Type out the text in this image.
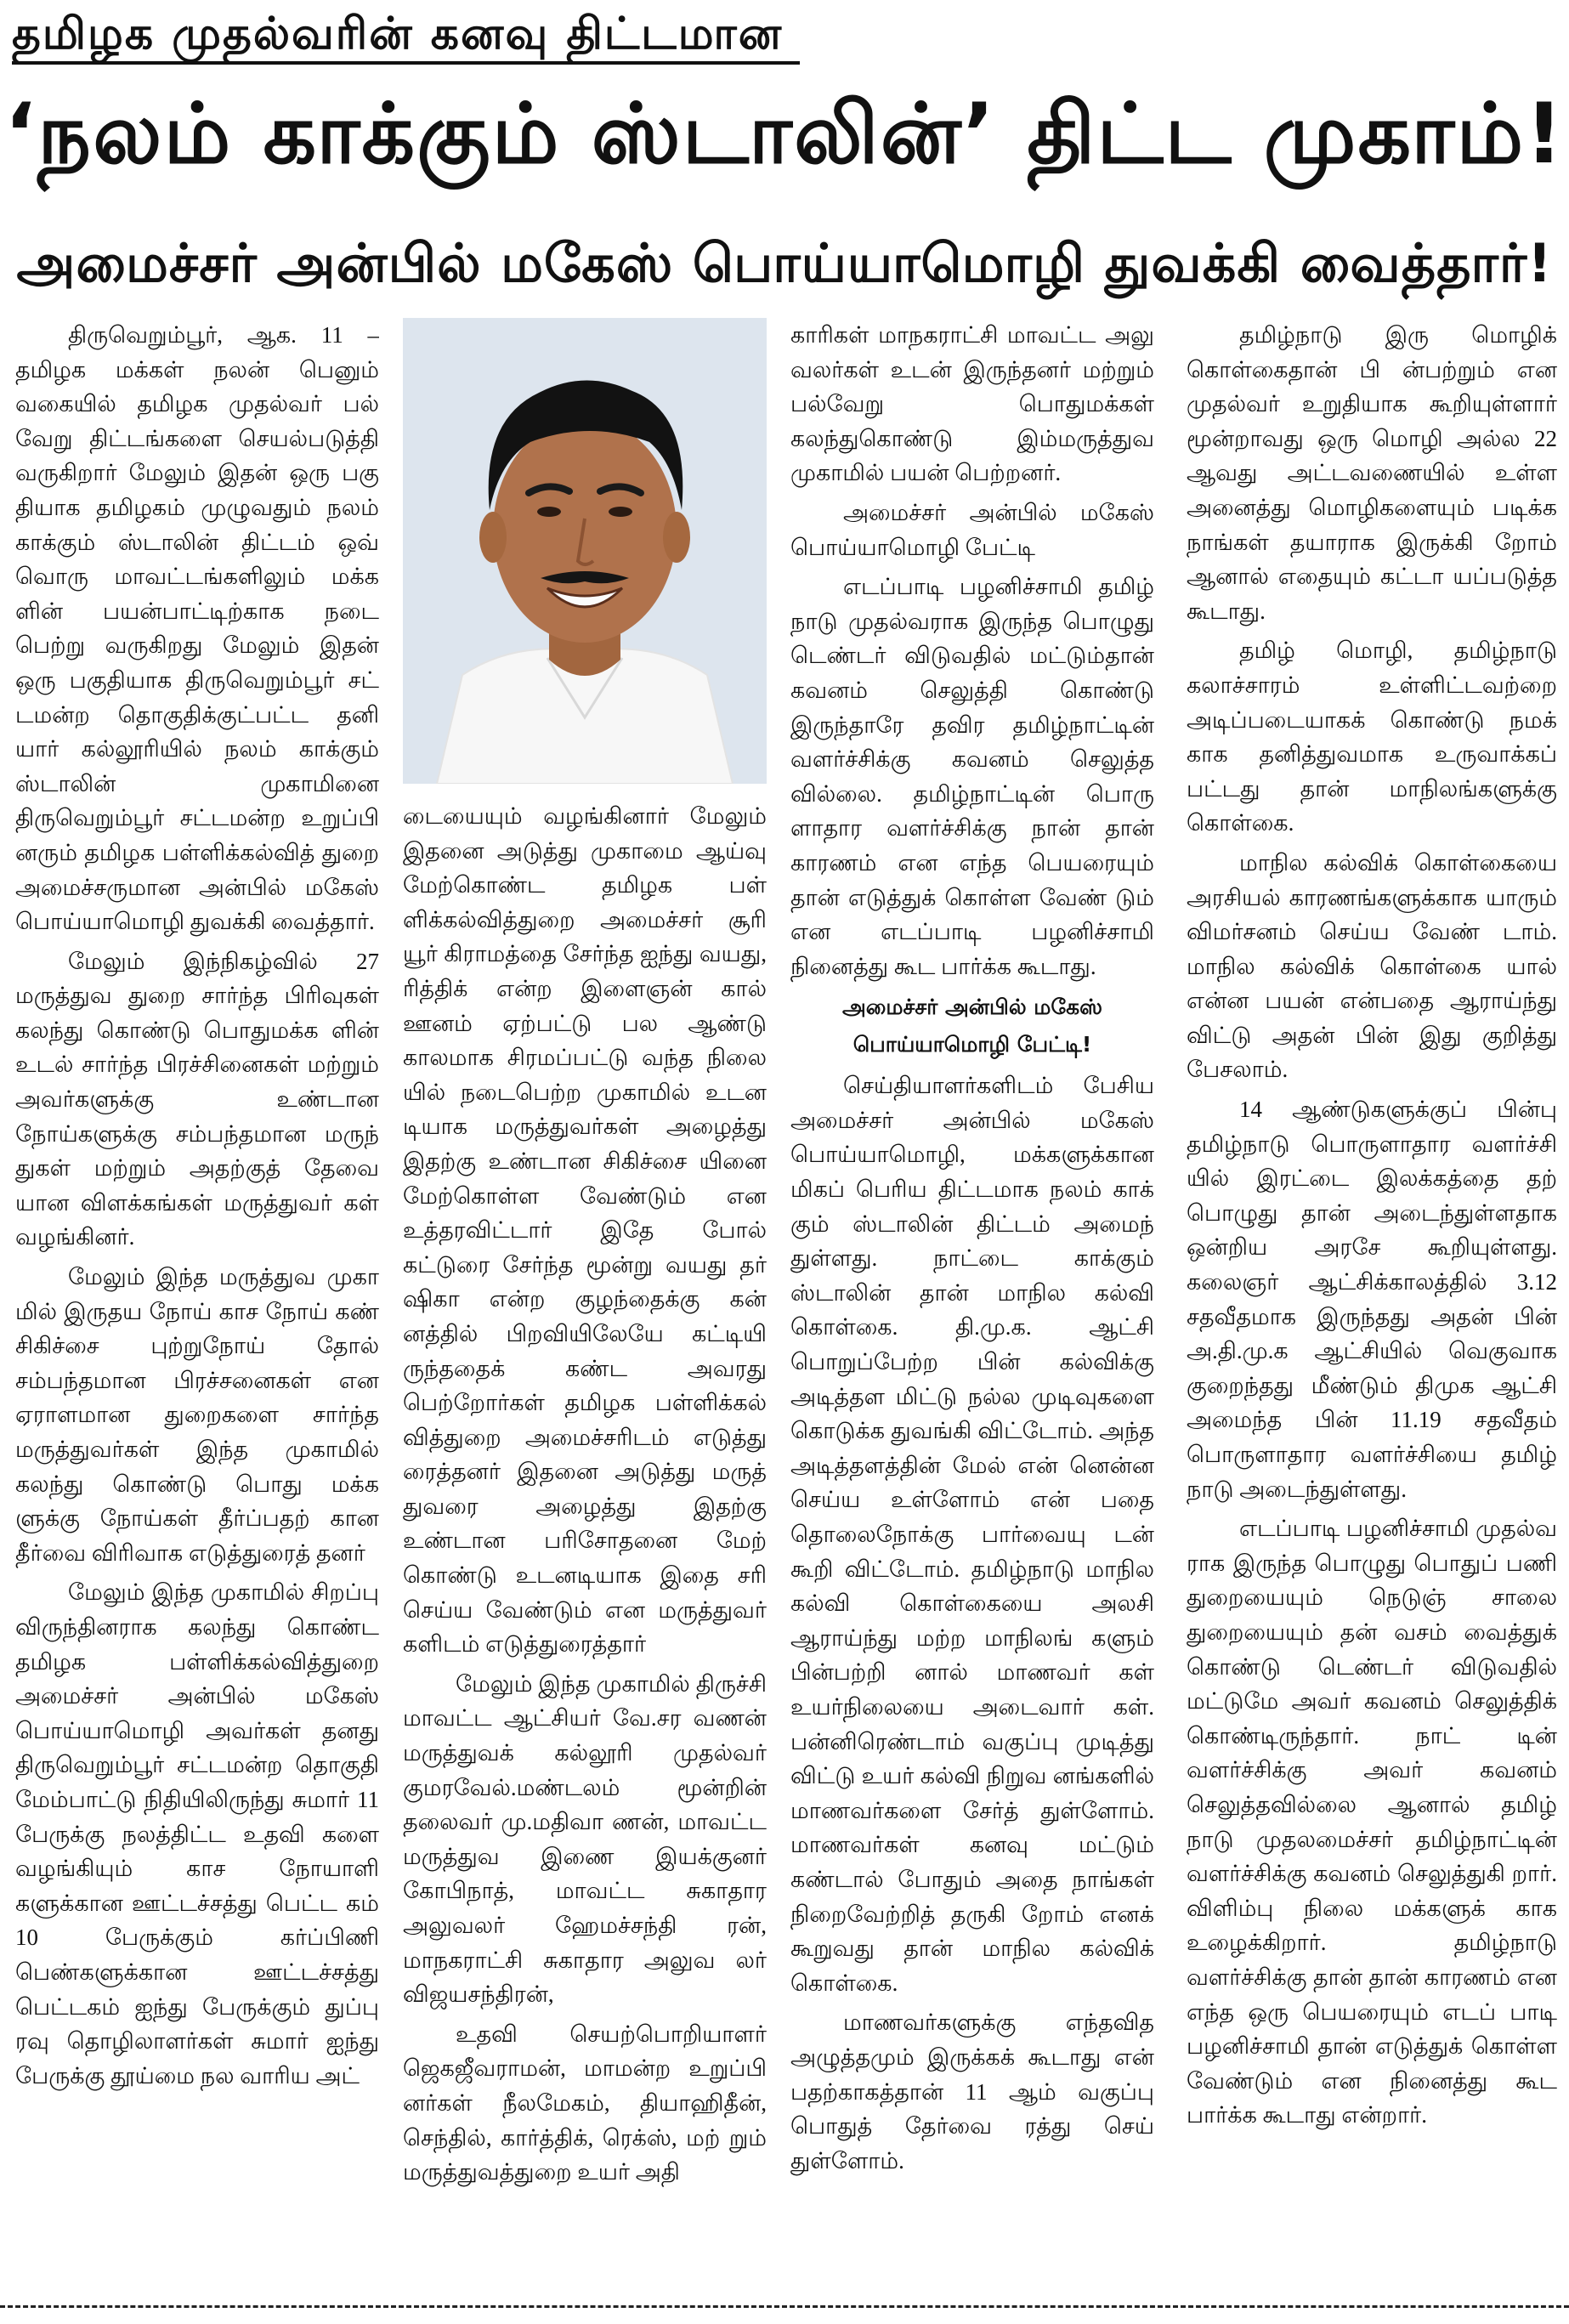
தமிழக முதல்வரின் கனவு திட்டமான
‘நலம் காக்கும் ஸ்டாலின்’ திட்ட முகாம்!
அமைச்சர் அன்பில் மகேஸ் பொய்யாமொழி துவக்கி வைத்தார்!

திருவெறும்பூர், ஆக. 11 – தமிழக மக்கள் நலன் பெனும் வகையில் தமிழக முதல்வர் பல் வேறு திட்டங்களை செயல்படுத்தி வருகிறார் மேலும் இதன் ஒரு பகு தியாக தமிழகம் முழுவதும் நலம் காக்கும் ஸ்டாலின் திட்டம் ஒவ் வொரு மாவட்டங்களிலும் மக்க ளின் பயன்பாட்டிற்காக நடை பெற்று வருகிறது மேலும் இதன் ஒரு பகுதியாக திருவெறும்பூர் சட் டமன்ற தொகுதிக்குட்பட்ட தனி யார் கல்லூரியில் நலம் காக்கும் ஸ்டாலின் முகாமினை திருவெறும்பூர் சட்டமன்ற உறுப்பி னரும் தமிழக பள்ளிக்கல்வித் துறை அமைச்சருமான அன்பில் மகேஸ் பொய்யாமொழி துவக்கி வைத்தார்.

மேலும் இந்நிகழ்வில் 27 மருத்துவ துறை சார்ந்த பிரிவுகள் கலந்து கொண்டு பொதுமக்க ளின் உடல் சார்ந்த பிரச்சினைகள் மற்றும் அவர்களுக்கு உண்டான நோய்களுக்கு சம்பந்தமான மருந் துகள் மற்றும் அதற்குத் தேவை யான விளக்கங்கள் மருத்துவர் கள் வழங்கினர்.

மேலும் இந்த மருத்துவ முகா மில் இருதய நோய் காச நோய் கண் சிகிச்சை புற்றுநோய் தோல் சம்பந்தமான பிரச்சனைகள் என ஏராளமான துறைகளை சார்ந்த மருத்துவர்கள் இந்த முகாமில் கலந்து கொண்டு பொது மக்க ளுக்கு நோய்கள் தீர்ப்பதற் கான தீர்வை விரிவாக எடுத்துரைத் தனர்

மேலும் இந்த முகாமில் சிறப்பு விருந்தினராக கலந்து கொண்ட தமிழக பள்ளிக்கல்வித்துறை அமைச்சர் அன்பில் மகேஸ் பொய்யாமொழி அவர்கள் தனது திருவெறும்பூர் சட்டமன்ற தொகுதி மேம்பாட்டு நிதியிலிருந்து சுமார் 11 பேருக்கு நலத்திட்ட உதவி களை வழங்கியும் காச நோயாளி களுக்கான ஊட்டச்சத்து பெட்ட கம் 10 பேருக்கும் கர்ப்பிணி பெண்களுக்கான ஊட்டச்சத்து பெட்டகம் ஐந்து பேருக்கும் துப்பு ரவு தொழிலாளர்கள் சுமார் ஐந்து பேருக்கு தூய்மை நல வாரிய அட்

டையையும் வழங்கினார் மேலும் இதனை அடுத்து முகாமை ஆய்வு மேற்கொண்ட தமிழக பள் ளிக்கல்வித்துறை அமைச்சர் சூரி யூர் கிராமத்தை சேர்ந்த ஐந்து வயது, ரித்திக் என்ற இளைஞன் கால் ஊனம் ஏற்பட்டு பல ஆண்டு காலமாக சிரமப்பட்டு வந்த நிலை யில் நடைபெற்ற முகாமில் உடன டியாக மருத்துவர்கள் அழைத்து இதற்கு உண்டான சிகிச்சை யினை மேற்கொள்ள வேண்டும் என உத்தரவிட்டார் இதே போல் கட்டுரை சேர்ந்த மூன்று வயது தர் ஷிகா என்ற குழந்தைக்கு கன் னத்தில் பிறவியிலேயே கட்டியி ருந்ததைக் கண்ட அவரது பெற்றோர்கள் தமிழக பள்ளிக்கல் வித்துறை அமைச்சரிடம் எடுத்து ரைத்தனர் இதனை அடுத்து மருத் துவரை அழைத்து இதற்கு உண்டான பரிசோதனை மேற் கொண்டு உடனடியாக இதை சரி செய்ய வேண்டும் என மருத்துவர் களிடம் எடுத்துரைத்தார்

மேலும் இந்த முகாமில் திருச்சி மாவட்ட ஆட்சியர் வே.சர வணன் மருத்துவக் கல்லூரி முதல்வர் குமரவேல்.மண்டலம் மூன்றின் தலைவர் மு.மதிவா ணன், மாவட்ட மருத்துவ இணை இயக்குனர் கோபிநாத், மாவட்ட சுகாதார அலுவலர் ஹேமச்சந்தி ரன், மாநகராட்சி சுகாதார அலுவ லர் விஜயசந்திரன்,

உதவி செயற்பொறியாளர் ஜெகஜீவராமன், மாமன்ற உறுப்பி னர்கள் நீலமேகம், தியாஹிதீன், செந்தில், கார்த்திக், ரெக்ஸ், மற் றும் மருத்துவத்துறை உயர் அதி

காரிகள் மாநகராட்சி மாவட்ட அலு வலர்கள் உடன் இருந்தனர் மற்றும் பல்வேறு பொதுமக்கள் கலந்துகொண்டு இம்மருத்துவ முகாமில் பயன் பெற்றனர்.

அமைச்சர் அன்பில் மகேஸ் பொய்யாமொழி பேட்டி

எடப்பாடி பழனிச்சாமி தமிழ் நாடு முதல்வராக இருந்த பொழுது டெண்டர் விடுவதில் மட்டும்தான் கவனம் செலுத்தி கொண்டு இருந்தாரே தவிர தமிழ்நாட்டின் வளர்ச்சிக்கு கவனம் செலுத்த வில்லை. தமிழ்நாட்டின் பொரு ளாதார வளர்ச்சிக்கு நான் தான் காரணம் என எந்த பெயரையும் தான் எடுத்துக் கொள்ள வேண் டும் என எடப்பாடி பழனிச்சாமி நினைத்து கூட பார்க்க கூடாது.

அமைச்சர் அன்பில் மகேஸ் பொய்யாமொழி பேட்டி!

செய்தியாளர்களிடம் பேசிய அமைச்சர் அன்பில் மகேஸ் பொய்யாமொழி, மக்களுக்கான மிகப் பெரிய திட்டமாக நலம் காக் கும் ஸ்டாலின் திட்டம் அமைந் துள்ளது. நாட்டை காக்கும் ஸ்டாலின் தான் மாநில கல்வி கொள்கை. தி.மு.க. ஆட்சி பொறுப்பேற்ற பின் கல்விக்கு அடித்தள மிட்டு நல்ல முடிவுகளை கொடுக்க துவங்கி விட்டோம். அந்த அடித்தளத்தின் மேல் என் னென்ன செய்ய உள்ளோம் என் பதை தொலைநோக்கு பார்வையு டன் கூறி விட்டோம். தமிழ்நாடு மாநில கல்வி கொள்கையை அலசி ஆராய்ந்து மற்ற மாநிலங் களும் பின்பற்றி னால் மாணவர் கள் உயர்நிலையை அடைவார் கள். பன்னிரெண்டாம் வகுப்பு முடித்து விட்டு உயர் கல்வி நிறுவ னங்களில் மாணவர்களை சேர்த் துள்ளோம். மாணவர்கள் கனவு மட்டும் கண்டால் போதும் அதை நாங்கள் நிறைவேற்றித் தருகி றோம் எனக் கூறுவது தான் மாநில கல்விக் கொள்கை.

மாணவர்களுக்கு எந்தவித அழுத்தமும் இருக்கக் கூடாது என் பதற்காகத்தான் 11 ஆம் வகுப்பு பொதுத் தேர்வை ரத்து செய் துள்ளோம்.

தமிழ்நாடு இரு மொழிக் கொள்கைதான் பி ன்பற்றும் என முதல்வர் உறுதியாக கூறியுள்ளார் மூன்றாவது ஒரு மொழி அல்ல 22 ஆவது அட்டவணையில் உள்ள அனைத்து மொழிகளையும் படிக்க நாங்கள் தயாராக இருக்கி றோம் ஆனால் எதையும் கட்டா யப்படுத்த கூடாது.

தமிழ் மொழி, தமிழ்நாடு கலாச்சாரம் உள்ளிட்டவற்றை அடிப்படையாகக் கொண்டு நமக் காக தனித்துவமாக உருவாக்கப் பட்டது தான் மாநிலங்களுக்கு கொள்கை.

மாநில கல்விக் கொள்கையை அரசியல் காரணங்களுக்காக யாரும் விமர்சனம் செய்ய வேண் டாம். மாநில கல்விக் கொள்கை யால் என்ன பயன் என்பதை ஆராய்ந்து விட்டு அதன் பின் இது குறித்து பேசலாம்.

14 ஆண்டுகளுக்குப் பின்பு தமிழ்நாடு பொருளாதார வளர்ச்சி யில் இரட்டை இலக்கத்தை தற் பொழுது தான் அடைந்துள்ளதாக ஒன்றிய அரசே கூறியுள்ளது. கலைஞர் ஆட்சிக்காலத்தில் 3.12 சதவீதமாக இருந்தது அதன் பின் அ.தி.மு.க ஆட்சியில் வெகுவாக குறைந்தது மீண்டும் திமுக ஆட்சி அமைந்த பின் 11.19 சதவீதம் பொருளாதார வளர்ச்சியை தமிழ் நாடு அடைந்துள்ளது.

எடப்பாடி பழனிச்சாமி முதல்வ ராக இருந்த பொழுது பொதுப் பணி துறையையும் நெடுஞ் சாலை துறையையும் தன் வசம் வைத்துக் கொண்டு டெண்டர் விடுவதில் மட்டுமே அவர் கவனம் செலுத்திக் கொண்டிருந்தார். நாட் டின் வளர்ச்சிக்கு அவர் கவனம் செலுத்தவில்லை ஆனால் தமிழ் நாடு முதலமைச்சர் தமிழ்நாட்டின் வளர்ச்சிக்கு கவனம் செலுத்துகி றார். விளிம்பு நிலை மக்களுக் காக உழைக்கிறார். தமிழ்நாடு வளர்ச்சிக்கு தான் தான் காரணம் என எந்த ஒரு பெயரையும் எடப் பாடி பழனிச்சாமி தான் எடுத்துக் கொள்ள வேண்டும் என நினைத்து கூட பார்க்க கூடாது என்றார்.
